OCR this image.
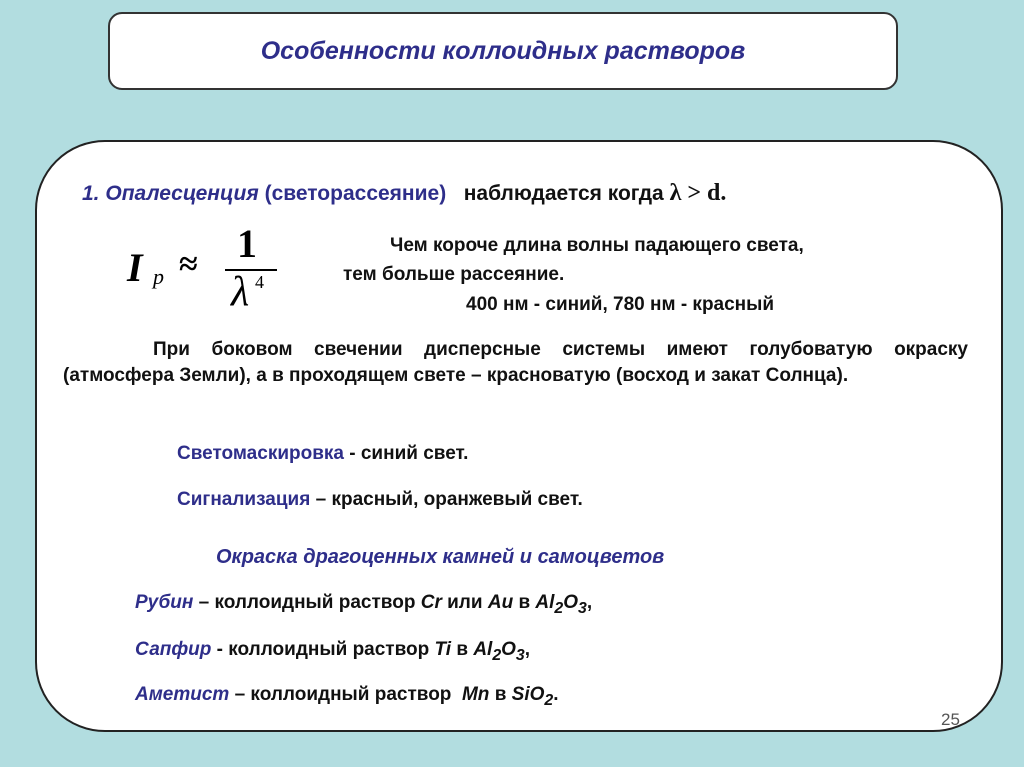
Особенности коллоидных растворов
1. Опалесценция (светорассеяние) наблюдается когда λ > d.
I p ≈ 1
λ 4
Чем короче длина волны падающего света,
тем больше рассеяние.
400 нм - синий, 780 нм - красный
При боковом свечении дисперсные системы имеют голубоватую окраску (атмосфера Земли), а в проходящем свете – красноватую (восход и закат Солнца).
Светомаскировка - синий свет.
Сигнализация – красный, оранжевый свет.
Окраска драгоценных камней и самоцветов
Рубин – коллоидный раствор Cr или Au в $Al_2O_3$,
Сапфир - коллоидный раствор Ti в $Al_2O_3$,
Аметист – коллоидный раствор  Mn в SiO$_2$.
25
